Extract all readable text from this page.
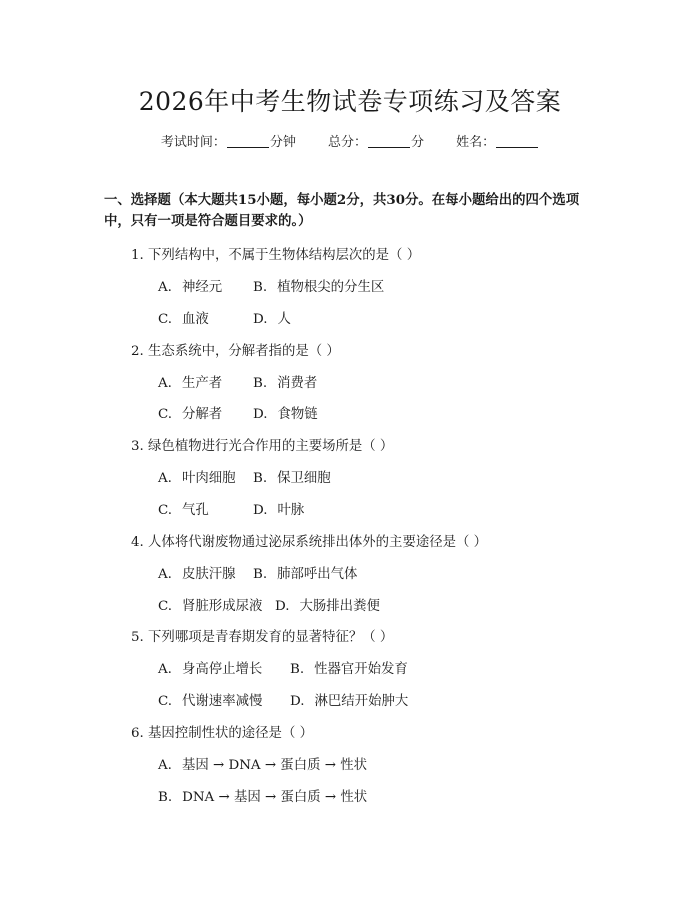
2026年中考生物试卷专项练习及答案
考试时间：	分钟 总分：	分 姓名：
一、选择题（本大题共15小题，每小题2分，共30分。在每小题给出的四个选项中，只有一项是符合题目要求的。）
1. 下列结构中，不属于生物体结构层次的是（ ）
A. 神经元 B. 植物根尖的分生区
C. 血液	D. 人
2. 生态系统中，分解者指的是（ ）
A. 生产者 B. 消费者
C. 分解者 D. 食物链
3. 绿色植物进行光合作用的主要场所是（ ）
A. 叶肉细胞 B. 保卫细胞
C. 气孔	D. 叶脉
4. 人体将代谢废物通过泌尿系统排出体外的主要途径是（ ）
A. 皮肤汗腺 B. 肺部呼出气体
C. 肾脏形成尿液 D. 大肠排出粪便
5. 下列哪项是青春期发育的显著特征？（ ）
A. 身高停止增长 B. 性器官开始发育
C. 代谢速率减慢 D. 淋巴结开始肿大
6. 基因控制性状的途径是（ ）
A. 基因 → DNA → 蛋白质 → 性状
B. DNA → 基因 → 蛋白质 → 性状
